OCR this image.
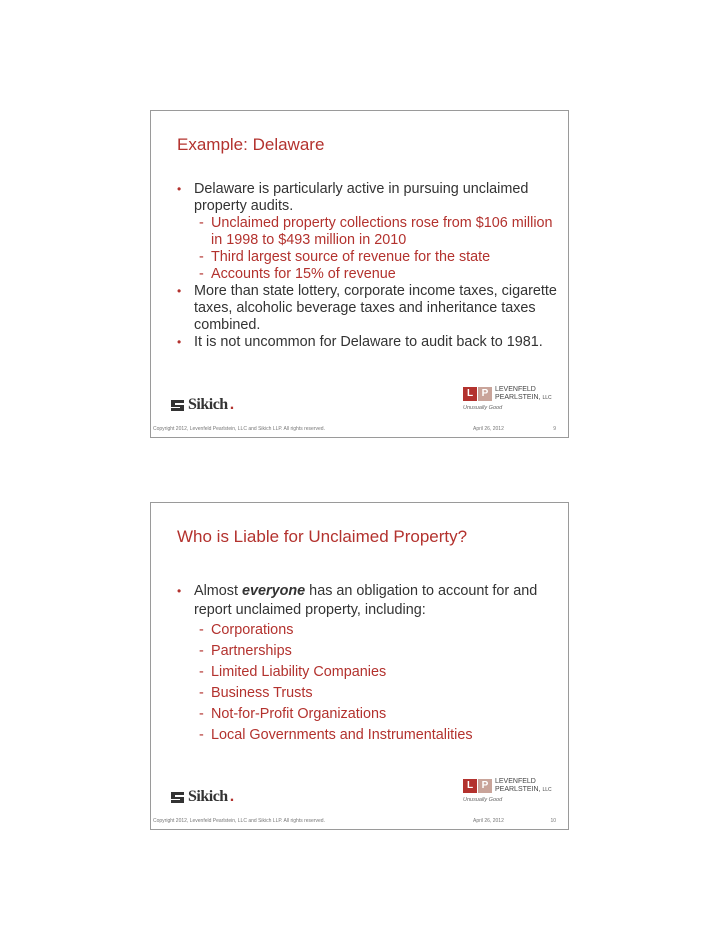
Example: Delaware
• Delaware is particularly active in pursuing unclaimed property audits.
- Unclaimed property collections rose from $106 million in 1998 to $493 million in 2010
- Third largest source of revenue for the state
- Accounts for 15% of revenue
• More than state lottery, corporate income taxes, cigarette taxes, alcoholic beverage taxes and inheritance taxes combined.
• It is not uncommon for Delaware to audit back to 1981.
Sikich .
L P LEVENFELD
PEARLSTEIN, LLC
Unusually Good
Copyright 2012, Levenfeld Pearlstein, LLC and Sikich LLP. All rights reserved.	April 26, 2012	9
Who is Liable for Unclaimed Property?
• Almost everyone has an obligation to account for and report unclaimed property, including:
- Corporations
- Partnerships
- Limited Liability Companies
- Business Trusts
- Not-for-Profit Organizations
- Local Governments and Instrumentalities
Sikich .
L P LEVENFELD
PEARLSTEIN, LLC
Unusually Good
Copyright 2012, Levenfeld Pearlstein, LLC and Sikich LLP. All rights reserved.	April 26, 2012	10
